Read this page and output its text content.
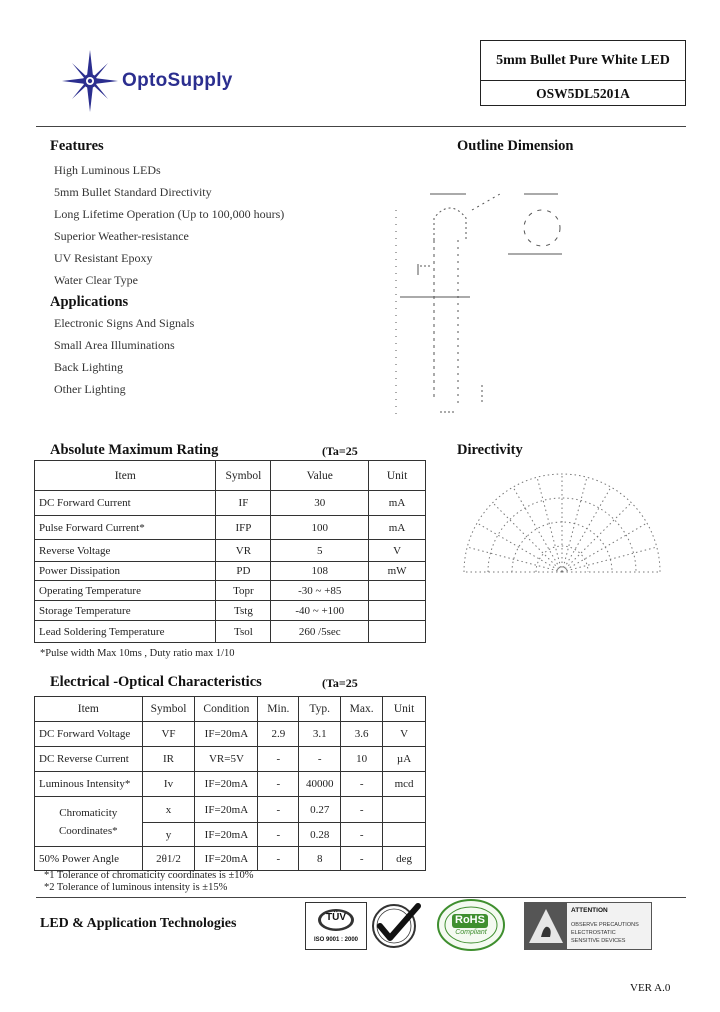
OptoSupply
5mm Bullet Pure White LED
OSW5DL5201A
Features
High Luminous LEDs
5mm Bullet Standard Directivity
Long Lifetime Operation (Up to 100,000 hours)
Superior Weather-resistance
UV Resistant Epoxy
Water Clear Type
Applications
Electronic Signs And Signals
Small Area Illuminations
Back Lighting
Other Lighting
Outline Dimension
Absolute Maximum Rating	(Ta=25
Item	Symbol	Value	Unit
DC Forward Current	IF	30	mA
Pulse Forward Current*	IFP	100	mA
Reverse Voltage	VR	5	V
Power Dissipation	PD	108	mW
Operating Temperature	Topr	-30 ~ +85	
Storage Temperature	Tstg	-40 ~ +100	
Lead Soldering Temperature	Tsol	260 /5sec	
*Pulse width Max 10ms , Duty ratio max 1/10
Directivity
Electrical -Optical Characteristics	(Ta=25
Item	Symbol	Condition	Min.	Typ.	Max.	Unit
DC Forward Voltage	VF	IF=20mA	2.9	3.1	3.6	V
DC Reverse Current	IR	VR=5V	-	-	10	µA
Luminous Intensity*	Iv	IF=20mA	-	40000	-	mcd
Chromaticity Coordinates*	x	IF=20mA	-	0.27	-	
	y	IF=20mA	-	0.28	-	
50% Power Angle	2θ1/2	IF=20mA	-	8	-	deg
*1 Tolerance of chromaticity coordinates is ±10%
*2 Tolerance of luminous intensity is ±15%
LED & Application Technologies	TÜV
ISO 9001 : 2000
RoHS
Compliant
ATTENTION
OBSERVE PRECAUTIONS
ELECTROSTATIC
SENSITIVE DEVICES
VER A.0
